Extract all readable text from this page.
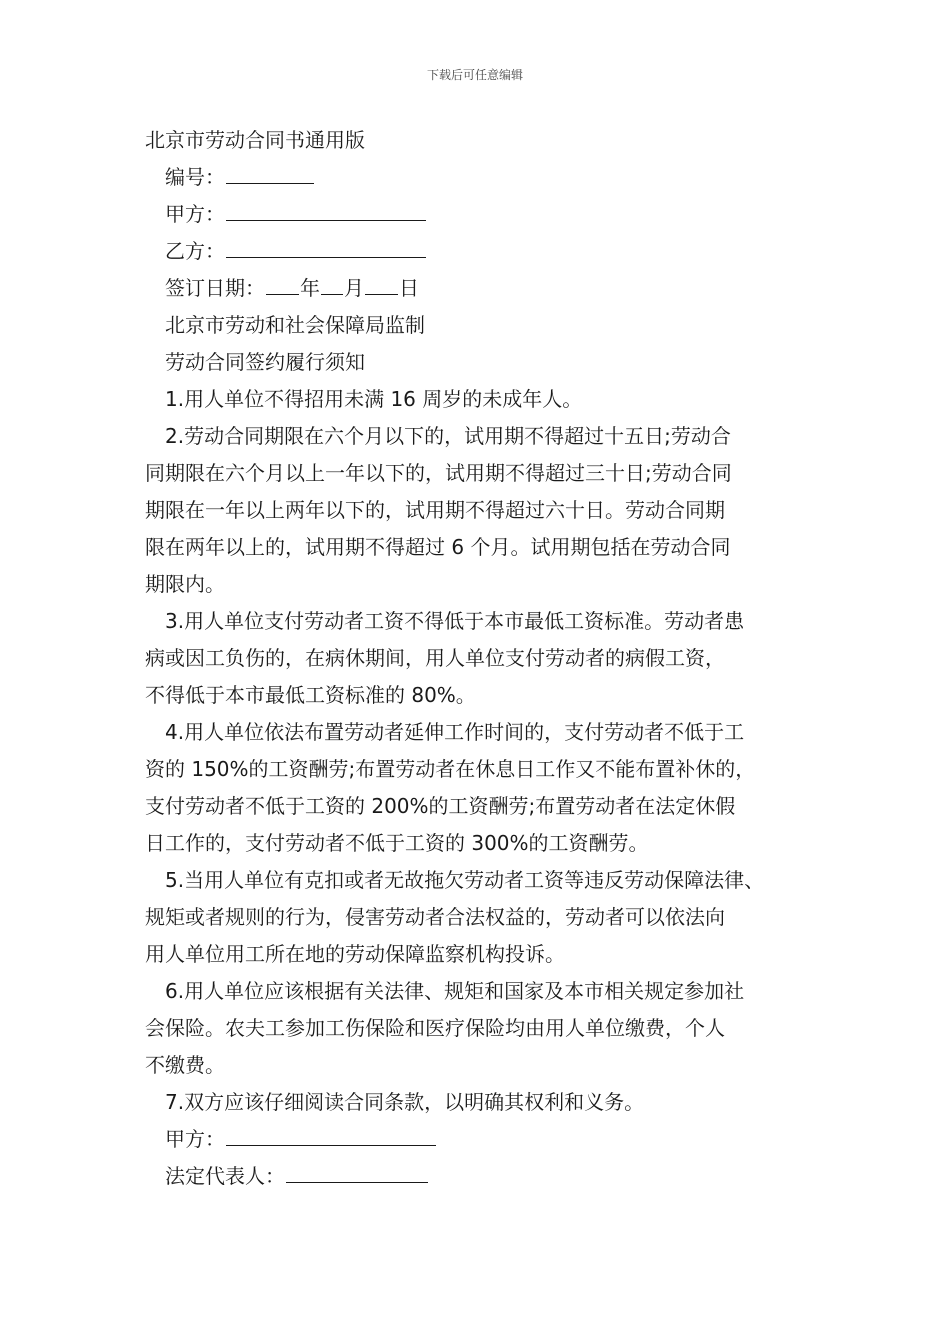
下载后可任意编辑
北京市劳动合同书通用版
编号：
甲方：
乙方：
签订日期： 年 月 日
北京市劳动和社会保障局监制
劳动合同签约履行须知
1.用人单位不得招用未满 16 周岁的未成年人。
2.劳动合同期限在六个月以下的，试用期不得超过十五日;劳动合
同期限在六个月以上一年以下的，试用期不得超过三十日;劳动合同
期限在一年以上两年以下的，试用期不得超过六十日。劳动合同期
限在两年以上的，试用期不得超过 6 个月。试用期包括在劳动合同
期限内。
3.用人单位支付劳动者工资不得低于本市最低工资标准。劳动者患
病或因工负伤的，在病休期间，用人单位支付劳动者的病假工资，
不得低于本市最低工资标准的 80%。
4.用人单位依法布置劳动者延伸工作时间的，支付劳动者不低于工
资的 150%的工资酬劳;布置劳动者在休息日工作又不能布置补休的，
支付劳动者不低于工资的 200%的工资酬劳;布置劳动者在法定休假
日工作的，支付劳动者不低于工资的 300%的工资酬劳。
5.当用人单位有克扣或者无故拖欠劳动者工资等违反劳动保障法律、
规矩或者规则的行为，侵害劳动者合法权益的，劳动者可以依法向
用人单位用工所在地的劳动保障监察机构投诉。
6.用人单位应该根据有关法律、规矩和国家及本市相关规定参加社
会保险。农夫工参加工伤保险和医疗保险均由用人单位缴费，个人
不缴费。
7.双方应该仔细阅读合同条款，以明确其权利和义务。
甲方：
法定代表人：
